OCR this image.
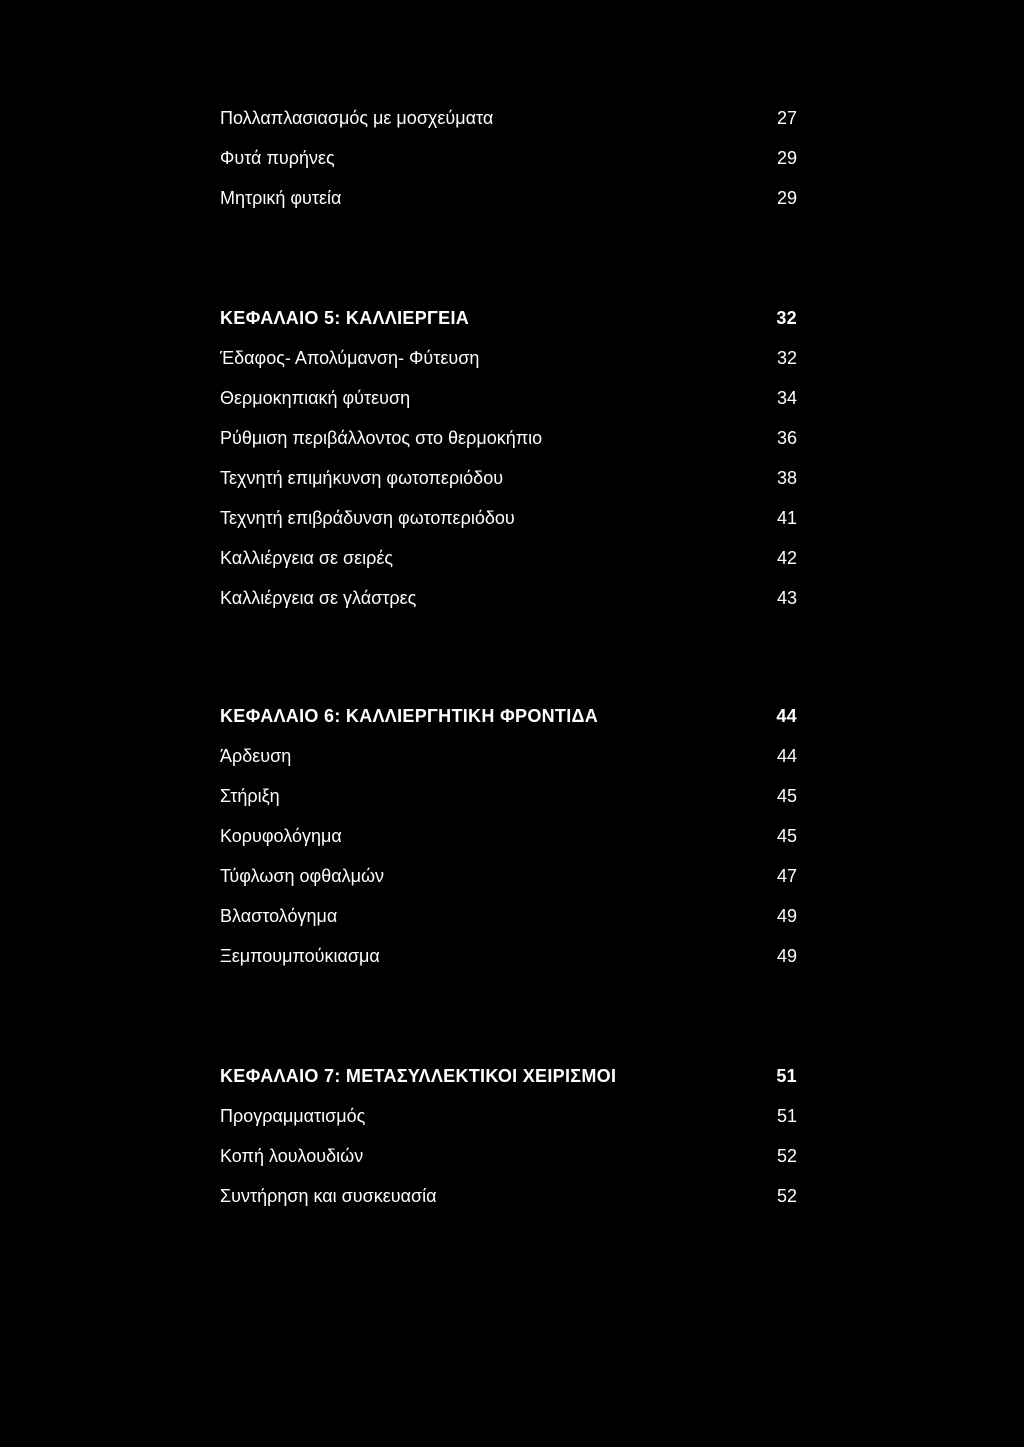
Πολλαπλασιασμός με μοσχεύματα	27
Φυτά πυρήνες	29
Μητρική φυτεία	29
ΚΕΦΑΛΑΙΟ 5: ΚΑΛΛΙΕΡΓΕΙΑ	32
Έδαφος- Απολύμανση- Φύτευση	32
Θερμοκηπιακή φύτευση	34
Ρύθμιση περιβάλλοντος στο θερμοκήπιο	36
Τεχνητή επιμήκυνση φωτοπεριόδου	38
Τεχνητή επιβράδυνση φωτοπεριόδου	41
Καλλιέργεια σε σειρές	42
Καλλιέργεια σε γλάστρες	43
ΚΕΦΑΛΑΙΟ 6: ΚΑΛΛΙΕΡΓΗΤΙΚΗ ΦΡΟΝΤΙΔΑ	44
Άρδευση	44
Στήριξη	45
Κορυφολόγημα	45
Τύφλωση οφθαλμών	47
Βλαστολόγημα	49
Ξεμπουμπούκιασμα	49
ΚΕΦΑΛΑΙΟ 7: ΜΕΤΑΣΥΛΛΕΚΤΙΚΟΙ ΧΕΙΡΙΣΜΟΙ	51
Προγραμματισμός	51
Κοπή λουλουδιών	52
Συντήρηση και συσκευασία	52
